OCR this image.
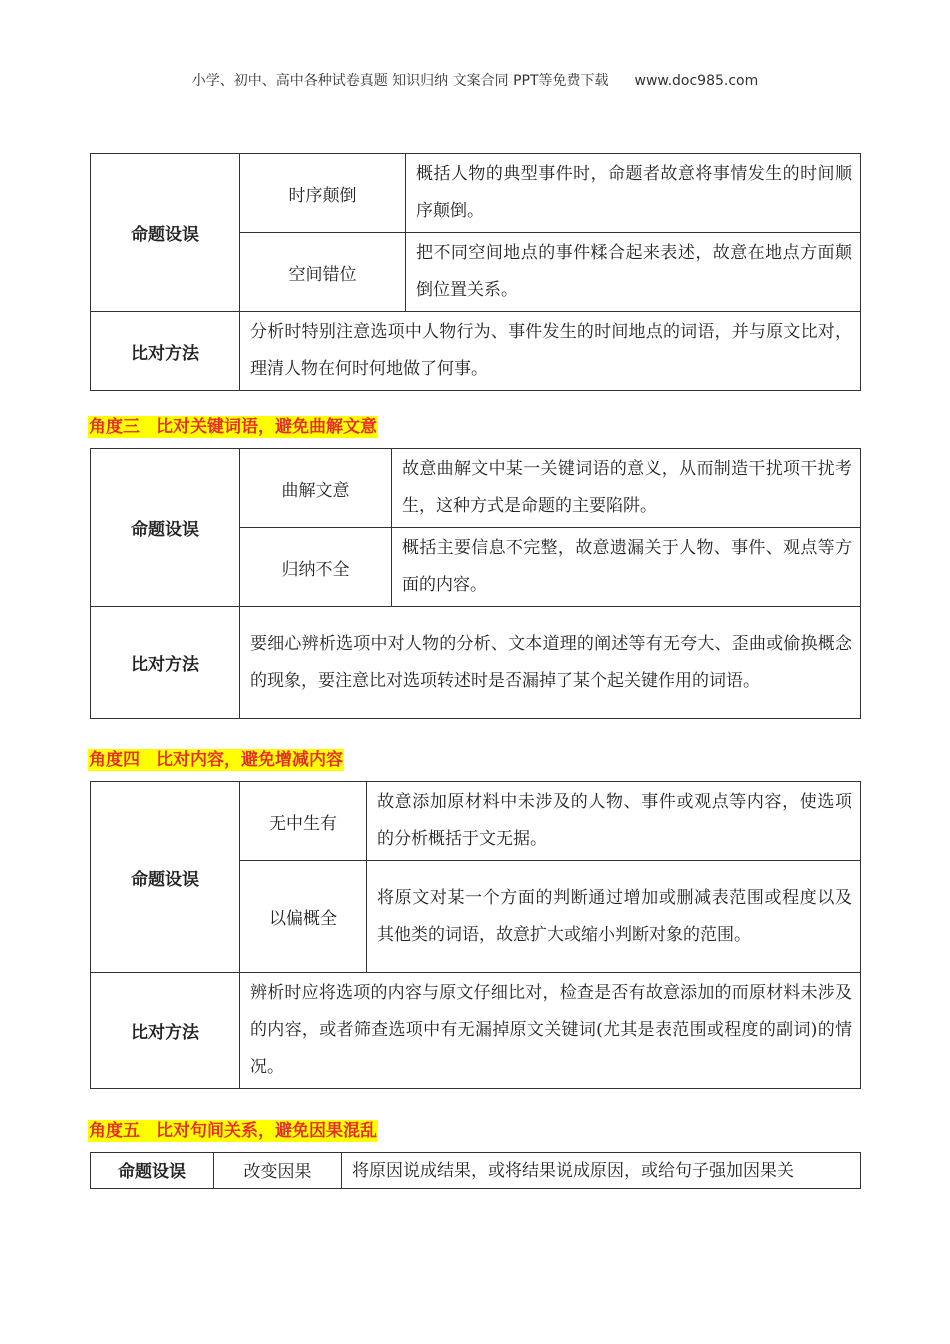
小学、初中、高中各种试卷真题 知识归纳 文案合同 PPT等免费下载 www.doc985.com
命题设误	时序颠倒	概括人物的典型事件时，命题者故意将事情发生的时间顺序颠倒。
	空间错位	把不同空间地点的事件糅合起来表述，故意在地点方面颠倒位置关系。
比对方法	分析时特别注意选项中人物行为、事件发生的时间地点的词语，并与原文比对，理清人物在何时何地做了何事。	
角度三 比对关键词语，避免曲解文意
命题设误	曲解文意	故意曲解文中某一关键词语的意义，从而制造干扰项干扰考生，这种方式是命题的主要陷阱。
	归纳不全	概括主要信息不完整，故意遗漏关于人物、事件、观点等方面的内容。
比对方法	要细心辨析选项中对人物的分析、文本道理的阐述等有无夸大、歪曲或偷换概念的现象，要注意比对选项转述时是否漏掉了某个起关键作用的词语。	
角度四 比对内容，避免增减内容
命题设误	无中生有	故意添加原材料中未涉及的人物、事件或观点等内容，使选项的分析概括于文无据。
	以偏概全	将原文对某一个方面的判断通过增加或删减表范围或程度以及其他类的词语，故意扩大或缩小判断对象的范围。
比对方法	辨析时应将选项的内容与原文仔细比对，检查是否有故意添加的而原材料未涉及的内容，或者筛查选项中有无漏掉原文关键词(尤其是表范围或程度的副词)的情况。	
角度五 比对句间关系，避免因果混乱
命题设误	改变因果	将原因说成结果，或将结果说成原因，或给句子强加因果关
